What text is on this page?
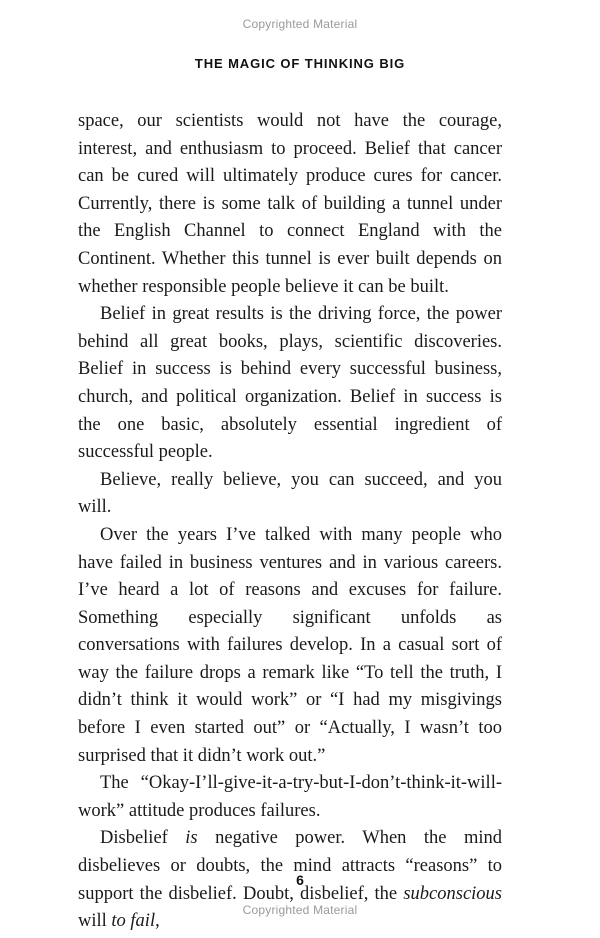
Copyrighted Material
THE MAGIC OF THINKING BIG

space, our scientists would not have the courage, interest, and enthusiasm to proceed. Belief that cancer can be cured will ultimately produce cures for cancer. Currently, there is some talk of building a tunnel under the English Channel to connect England with the Continent. Whether this tunnel is ever built depends on whether responsible people believe it can be built.

Belief in great results is the driving force, the power behind all great books, plays, scientific discoveries. Belief in success is behind every successful business, church, and political organization. Belief in success is the one basic, absolutely essential ingredient of successful people.

Believe, really believe, you can succeed, and you will.

Over the years I’ve talked with many people who have failed in business ventures and in various careers. I’ve heard a lot of reasons and excuses for failure. Something especially significant unfolds as conversations with failures develop. In a casual sort of way the failure drops a remark like “To tell the truth, I didn’t think it would work” or “I had my misgivings before I even started out” or “Actually, I wasn’t too surprised that it didn’t work out.”

The “Okay-I’ll-give-it-a-try-but-I-don’t-think-it-will-work” attitude produces failures.

Disbelief is negative power. When the mind disbelieves or doubts, the mind attracts “reasons” to support the disbelief. Doubt, disbelief, the subconscious will to fail,

6
Copyrighted Material
